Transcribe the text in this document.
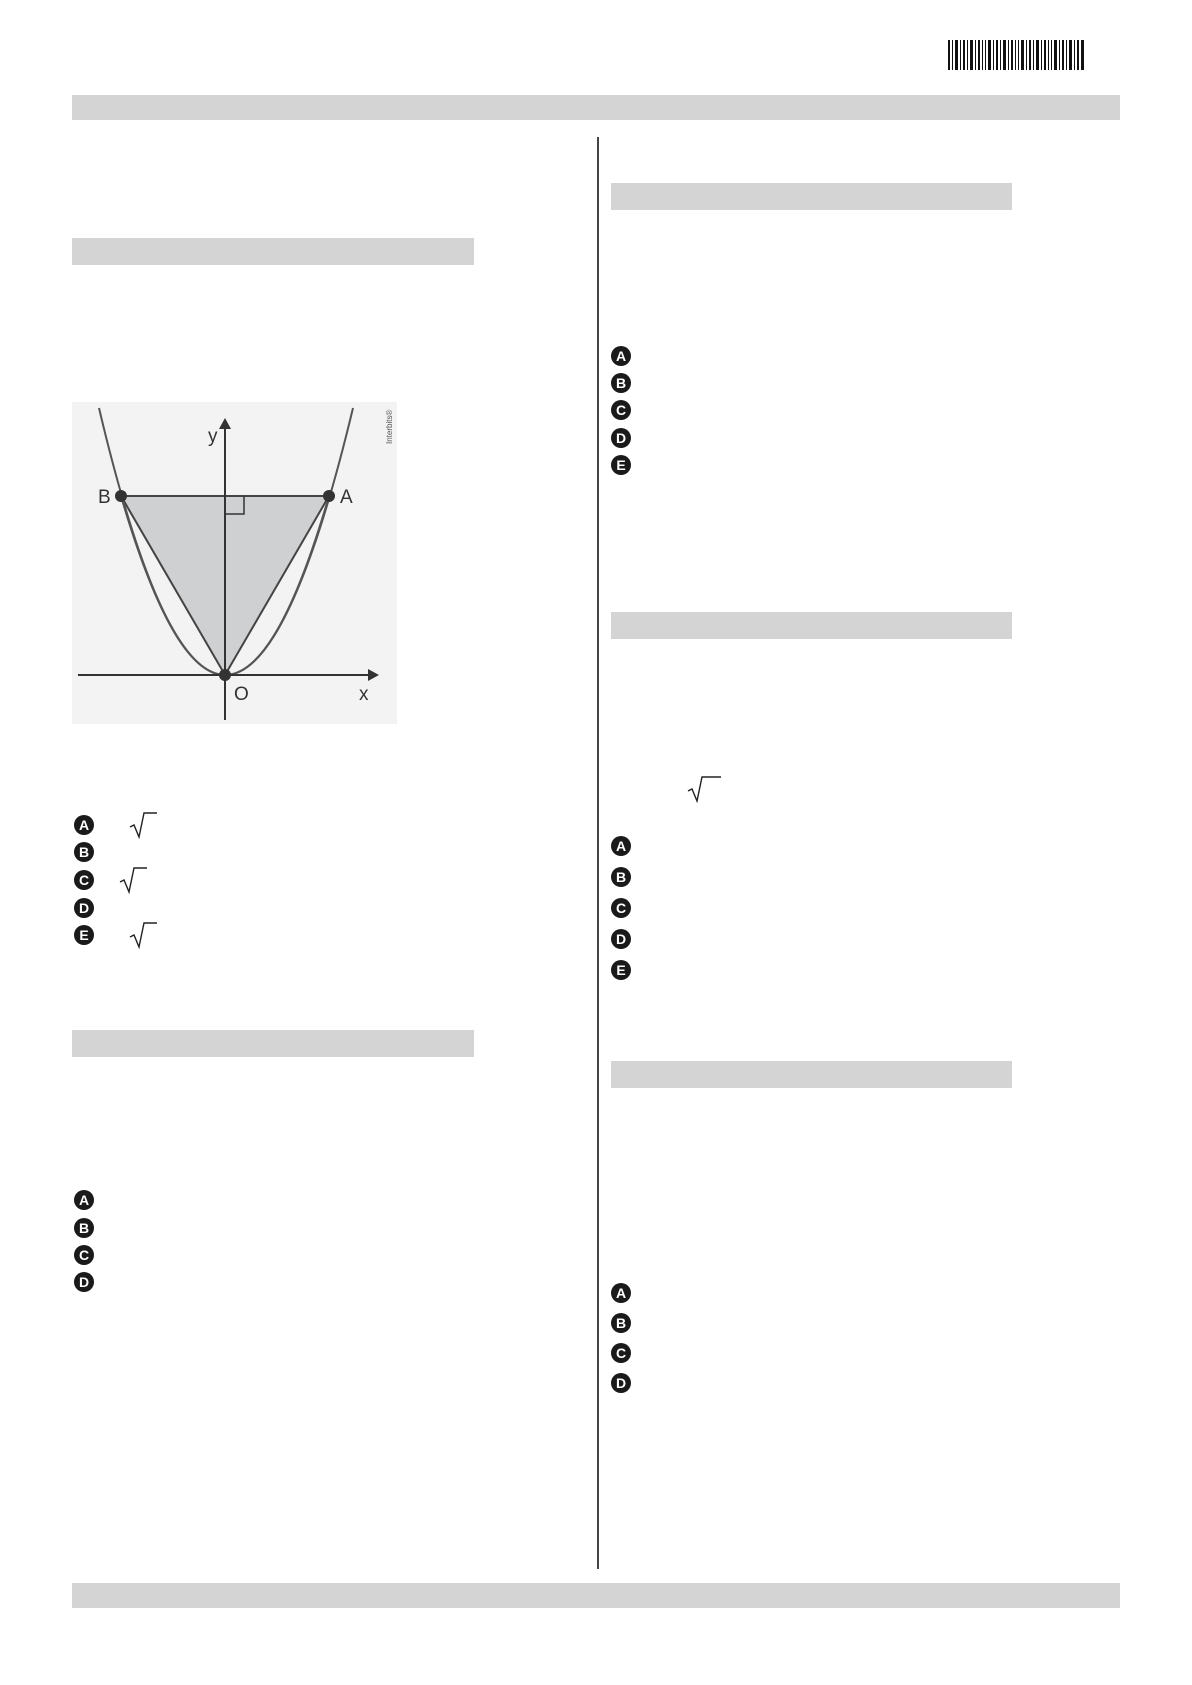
B	A
O	x
y	Interbits®
A
B
C
D
E
A
B
C
D
A
B
C
D
E
A
B
C
D
E
A
B
C
D
